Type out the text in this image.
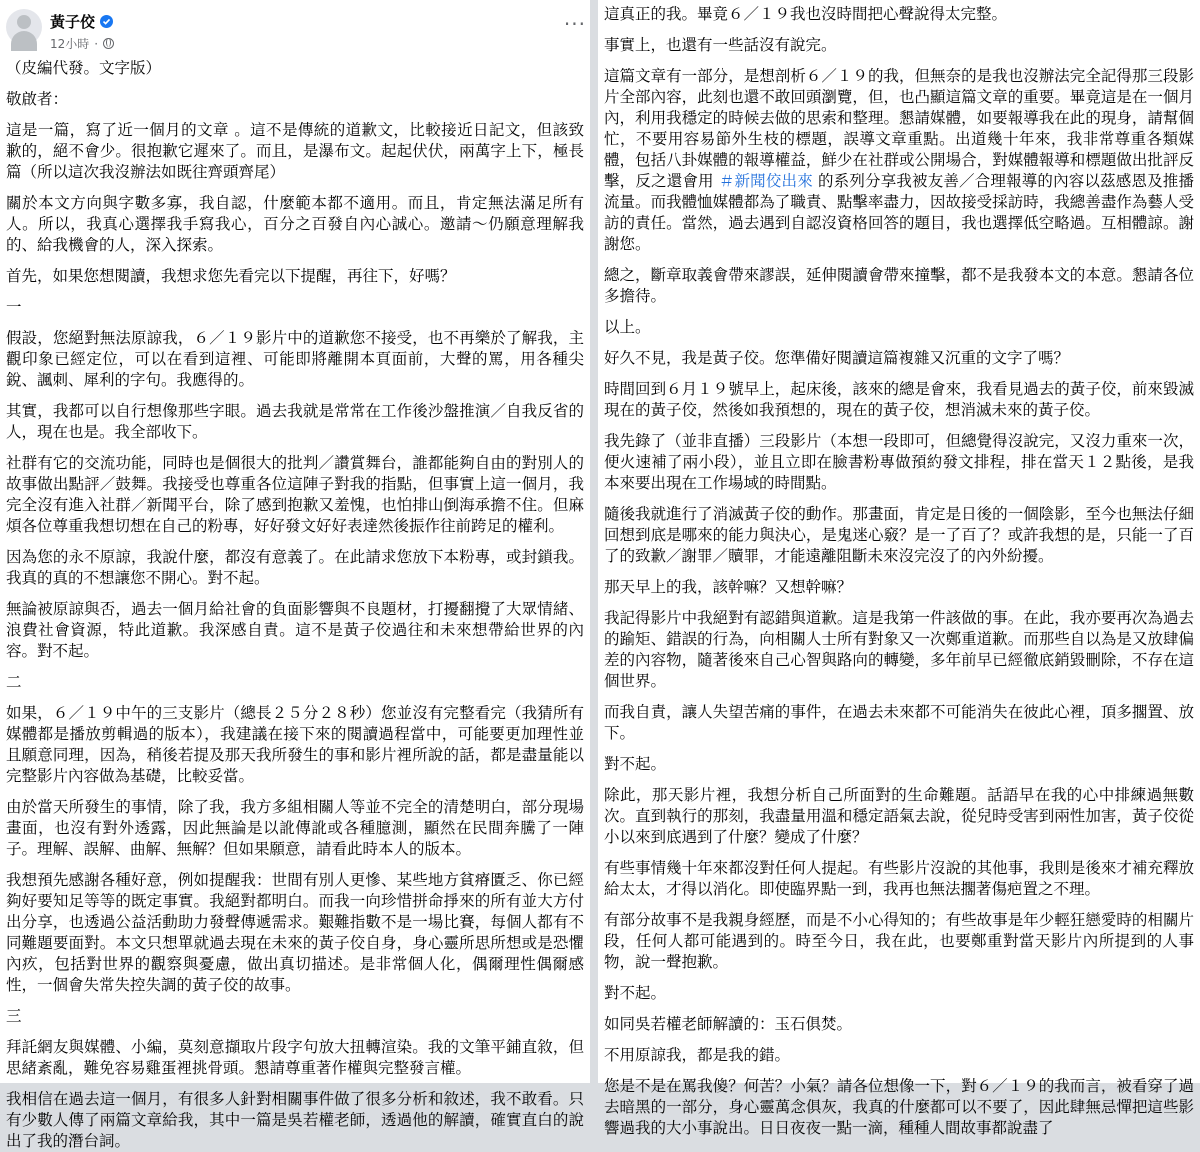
黃子佼
12小時 ·
···
（皮編代發。文字版）
敬啟者：
這是一篇，寫了近一個月的文章 。這不是傳統的道歉文，比較接近日記文，但該致歉的，絕不會少。很抱歉它遲來了。而且，是瀑布文。起起伏伏，兩萬字上下，極長篇（所以這次我沒辦法如既往齊頭齊尾）
關於本文方向與字數多寡，我自認，什麼範本都不適用。而且，肯定無法滿足所有人。所以，我真心選擇我手寫我心，百分之百發自內心誠心。邀請～仍願意理解我的、給我機會的人，深入探索。
首先，如果您想閱讀，我想求您先看完以下提醒，再往下，好嗎？
一
假設，您絕對無法原諒我，６／１９影片中的道歉您不接受，也不再樂於了解我，主觀印象已經定位，可以在看到這裡、可能即將離開本頁面前，大聲的罵，用各種尖銳、諷刺、犀利的字句。我應得的。
其實，我都可以自行想像那些字眼。過去我就是常常在工作後沙盤推演／自我反省的人，現在也是。我全部收下。
社群有它的交流功能，同時也是個很大的批判／讚賞舞台，誰都能夠自由的對別人的故事做出點評／鼓舞。我接受也尊重各位這陣子對我的指點，但事實上這一個月，我完全沒有進入社群／新聞平台，除了感到抱歉又羞愧，也怕排山倒海承擔不住。但麻煩各位尊重我想切想在自己的粉專，好好發文好好表達然後振作往前跨足的權利。
因為您的永不原諒，我說什麼，都沒有意義了。在此請求您放下本粉專，或封鎖我。我真的真的不想讓您不開心。對不起。
無論被原諒與否，過去一個月給社會的負面影響與不良題材，打擾翻攪了大眾情緒、浪費社會資源，特此道歉。我深感自責。這不是黃子佼過往和未來想帶給世界的內容。對不起。
二
如果，６／１９中午的三支影片（總長２５分２８秒）您並沒有完整看完（我猜所有媒體都是播放剪輯過的版本），我建議在接下來的閱讀過程當中，可能要更加理性並且願意同理，因為，稍後若提及那天我所發生的事和影片裡所說的話，都是盡量能以完整影片內容做為基礎，比較妥當。
由於當天所發生的事情，除了我，我方多組相關人等並不完全的清楚明白，部分現場畫面，也沒有對外透露，因此無論是以訛傳訛或各種臆測，顯然在民間奔騰了一陣子。理解、誤解、曲解、無解？但如果願意，請看此時本人的版本。
我想預先感謝各種好意，例如提醒我：世間有別人更慘、某些地方貧瘠匱乏、你已經夠好要知足等等的既定事實。我絕對都明白。而我一向珍惜拼命掙來的所有並大方付出分享，也透過公益活動助力發聲傳遞需求。艱難指數不是一場比賽，每個人都有不同難題要面對。本文只想單就過去現在未來的黃子佼自身，身心靈所思所想或是恐懼內疚，包括對世界的觀察與憂慮，做出真切描述。是非常個人化，偶爾理性偶爾感性，一個會失常失控失調的黃子佼的故事。
三
拜託網友與媒體、小編，莫刻意擷取片段字句放大扭轉渲染。我的文筆平鋪直敘，但思緒紊亂，難免容易雞蛋裡挑骨頭。懇請尊重著作權與完整發言權。
我相信在過去這一個月，有很多人針對相關事件做了很多分析和敘述，我不敢看。只有少數人傳了兩篇文章給我，其中一篇是吳若權老師，透過他的解讀，確實直白的說出了我的潛台詞。
這真正的我。畢竟６／１９我也沒時間把心聲說得太完整。
事實上，也還有一些話沒有說完。
這篇文章有一部分，是想剖析６／１９的我，但無奈的是我也沒辦法完全記得那三段影片全部內容，此刻也還不敢回頭瀏覽，但，也凸顯這篇文章的重要。畢竟這是在一個月內，利用我穩定的時候去做的思索和整理。懇請媒體，如要報導我在此的現身，請幫個忙，不要用容易節外生枝的標題，誤導文章重點。出道幾十年來，我非常尊重各類媒體，包括八卦媒體的報導權益，鮮少在社群或公開場合，對媒體報導和標題做出批評反擊，反之還會用 ＃新聞佼出來 的系列分享我被友善／合理報導的內容以茲感恩及推播流量。而我體恤媒體都為了職責、點擊率盡力，因故接受採訪時，我總善盡作為藝人受訪的責任。當然，過去遇到自認沒資格回答的題目，我也選擇低空略過。互相體諒。謝謝您。
總之，斷章取義會帶來謬誤，延伸閱讀會帶來撞擊，都不是我發本文的本意。懇請各位多擔待。
以上。
好久不見，我是黃子佼。您準備好閱讀這篇複雜又沉重的文字了嗎？
時間回到６月１９號早上，起床後，該來的總是會來，我看見過去的黃子佼，前來毀滅現在的黃子佼，然後如我預想的，現在的黃子佼，想消滅未來的黃子佼。
我先錄了（並非直播）三段影片（本想一段即可，但總覺得沒說完，又沒力重來一次，便火速補了兩小段），並且立即在臉書粉專做預約發文排程，排在當天１２點後，是我本來要出現在工作場域的時間點。
隨後我就進行了消滅黃子佼的動作。那畫面，肯定是日後的一個陰影，至今也無法仔細回想到底是哪來的能力與決心，是鬼迷心竅？是一了百了？或許我想的是，只能一了百了的致歉／謝罪／贖罪，才能遠離阻斷未來沒完沒了的內外紛擾。
那天早上的我，該幹嘛？又想幹嘛？
我記得影片中我絕對有認錯與道歉。這是我第一件該做的事。在此，我亦要再次為過去的踰矩、錯誤的行為，向相關人士所有對象又一次鄭重道歉。而那些自以為是又放肆偏差的內容物，隨著後來自己心智與路向的轉變，多年前早已經徹底銷毀刪除，不存在這個世界。
而我自責，讓人失望苦痛的事件，在過去未來都不可能消失在彼此心裡，頂多擱置、放下。
對不起。
除此，那天影片裡，我想分析自己所面對的生命難題。話語早在我的心中排練過無數次。直到執行的那刻，我盡量用溫和穩定語氣去說，從兒時受害到兩性加害，黃子佼從小以來到底遇到了什麼？變成了什麼？
有些事情幾十年來都沒對任何人提起。有些影片沒說的其他事，我則是後來才補充釋放給太太，才得以消化。即使臨界點一到，我再也無法擱著傷疤置之不理。
有部分故事不是我親身經歷，而是不小心得知的；有些故事是年少輕狂戀愛時的相關片段，任何人都可能遇到的。時至今日，我在此，也要鄭重對當天影片內所提到的人事物，說一聲抱歉。
對不起。
如同吳若權老師解讀的：玉石俱焚。
不用原諒我，都是我的錯。
您是不是在罵我傻？何苦？小氣？請各位想像一下，對６／１９的我而言，被看穿了過去暗黑的一部分，身心靈萬念俱灰，我真的什麼都可以不要了，因此肆無忌憚把這些影響過我的大小事說出。日日夜夜一點一滴，種種人間故事都說盡了
